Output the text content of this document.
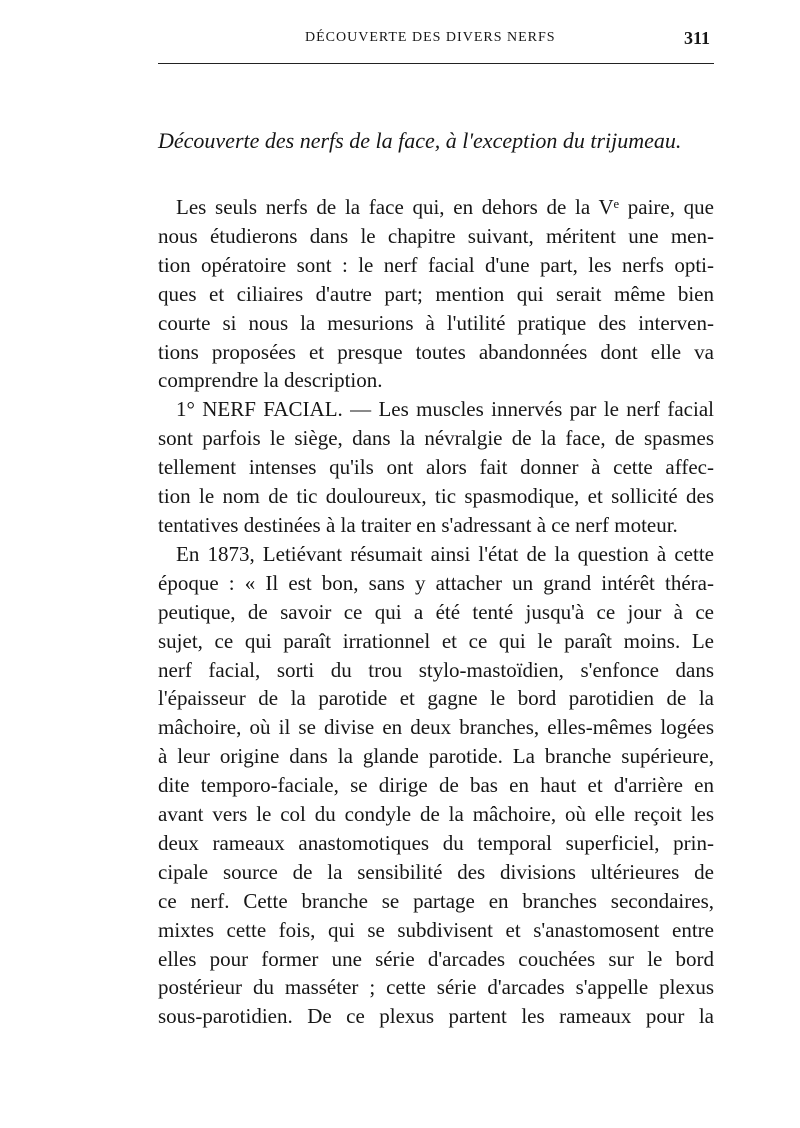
DÉCOUVERTE DES DIVERS NERFS	311
Découverte des nerfs de la face, à l'exception du trijumeau.
Les seuls nerfs de la face qui, en dehors de la Vᵉ paire, que
nous étudierons dans le chapitre suivant, méritent une men-
tion opératoire sont : le nerf facial d'une part, les nerfs opti-
ques et ciliaires d'autre part; mention qui serait même bien
courte si nous la mesurions à l'utilité pratique des interven-
tions proposées et presque toutes abandonnées dont elle va
comprendre la description.
1° NERF FACIAL. — Les muscles innervés par le nerf facial
sont parfois le siège, dans la névralgie de la face, de spasmes
tellement intenses qu'ils ont alors fait donner à cette affec-
tion le nom de tic douloureux, tic spasmodique, et sollicité des
tentatives destinées à la traiter en s'adressant à ce nerf moteur.
En 1873, Letiévant résumait ainsi l'état de la question à cette
époque : « Il est bon, sans y attacher un grand intérêt théra-
peutique, de savoir ce qui a été tenté jusqu'à ce jour à ce
sujet, ce qui paraît irrationnel et ce qui le paraît moins. Le
nerf facial, sorti du trou stylo-mastoïdien, s'enfonce dans
l'épaisseur de la parotide et gagne le bord parotidien de la
mâchoire, où il se divise en deux branches, elles-mêmes logées
à leur origine dans la glande parotide. La branche supérieure,
dite temporo-faciale, se dirige de bas en haut et d'arrière en
avant vers le col du condyle de la mâchoire, où elle reçoit les
deux rameaux anastomotiques du temporal superficiel, prin-
cipale source de la sensibilité des divisions ultérieures de
ce nerf. Cette branche se partage en branches secondaires,
mixtes cette fois, qui se subdivisent et s'anastomosent entre
elles pour former une série d'arcades couchées sur le bord
postérieur du masséter ; cette série d'arcades s'appelle plexus
sous-parotidien. De ce plexus partent les rameaux pour la
